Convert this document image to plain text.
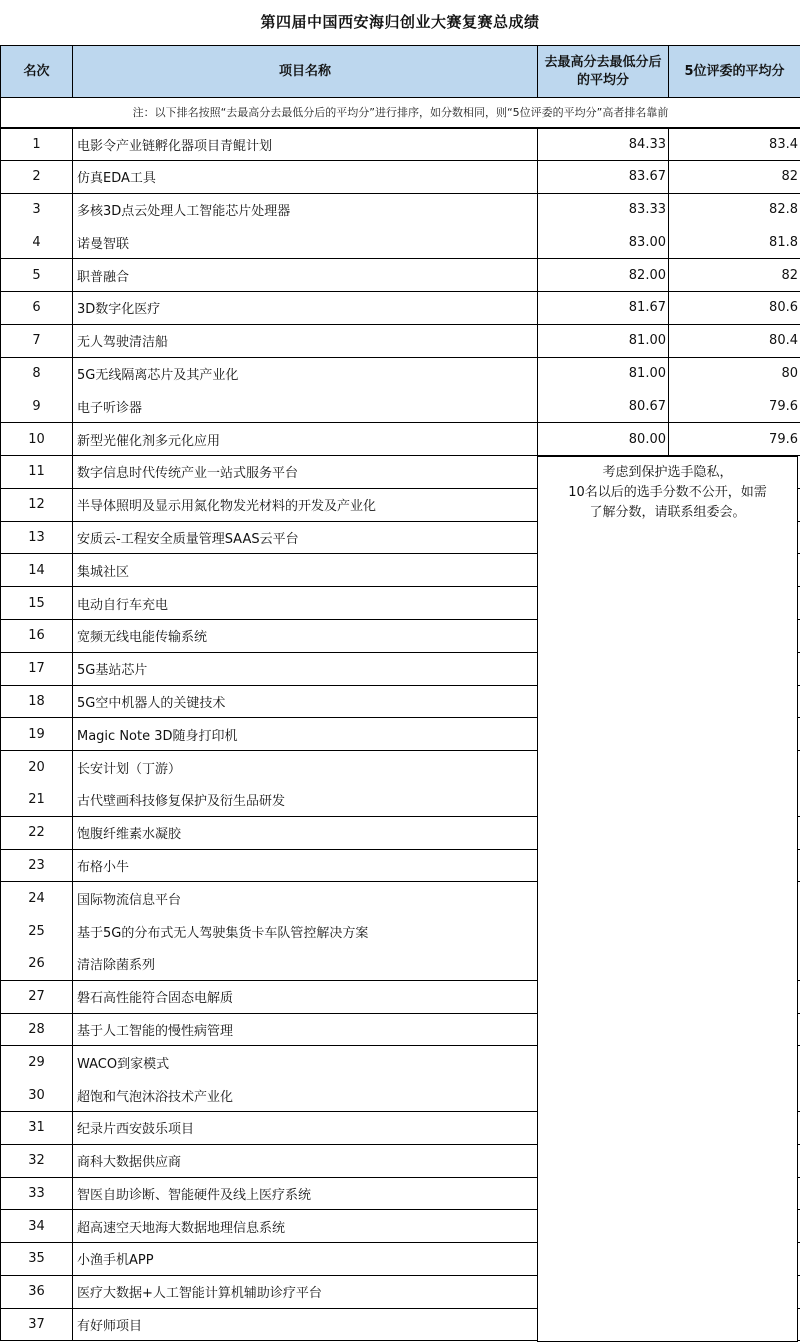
第四届中国西安海归创业大赛复赛总成绩
名次	项目名称	去最高分去最低分后的平均分	5位评委的平均分
注：以下排名按照“去最高分去最低分后的平均分”进行排序，如分数相同，则“5位评委的平均分”高者排名靠前			
1	电影令产业链孵化器项目青鲲计划	84.33	83.4
2	仿真EDA工具	83.67	82
3	多核3D点云处理人工智能芯片处理器	83.33	82.8
4	诺曼智联	83.00	81.8
5	职普融合	82.00	82
6	3D数字化医疗	81.67	80.6
7	无人驾驶清洁船	81.00	80.4
8	5G无线隔离芯片及其产业化	81.00	80
9	电子听诊器	80.67	79.6
10	新型光催化剂多元化应用	80.00	79.6
11	数字信息时代传统产业一站式服务平台		
12	半导体照明及显示用氮化物发光材料的开发及产业化		
13	安质云-工程安全质量管理SAAS云平台		
14	集城社区		
15	电动自行车充电		
16	宽频无线电能传输系统		
17	5G基站芯片		
18	5G空中机器人的关键技术		
19	Magic Note 3D随身打印机		
20	长安计划（丁游）		
21	古代壁画科技修复保护及衍生品研发		
22	饱腹纤维素水凝胶		
23	布格小牛		
24	国际物流信息平台		
25	基于5G的分布式无人驾驶集货卡车队管控解决方案		
26	清洁除菌系列		
27	磐石高性能符合固态电解质		
28	基于人工智能的慢性病管理		
29	WACO到家模式		
30	超饱和气泡沐浴技术产业化		
31	纪录片西安鼓乐项目		
32	商科大数据供应商		
33	智医自助诊断、智能硬件及线上医疗系统		
34	超高速空天地海大数据地理信息系统		
35	小渔手机APP		
36	医疗大数据+人工智能计算机辅助诊疗平台		
37	有好师项目		
考虑到保护选手隐私，
10名以后的选手分数不公开，如需
了解分数，请联系组委会。
